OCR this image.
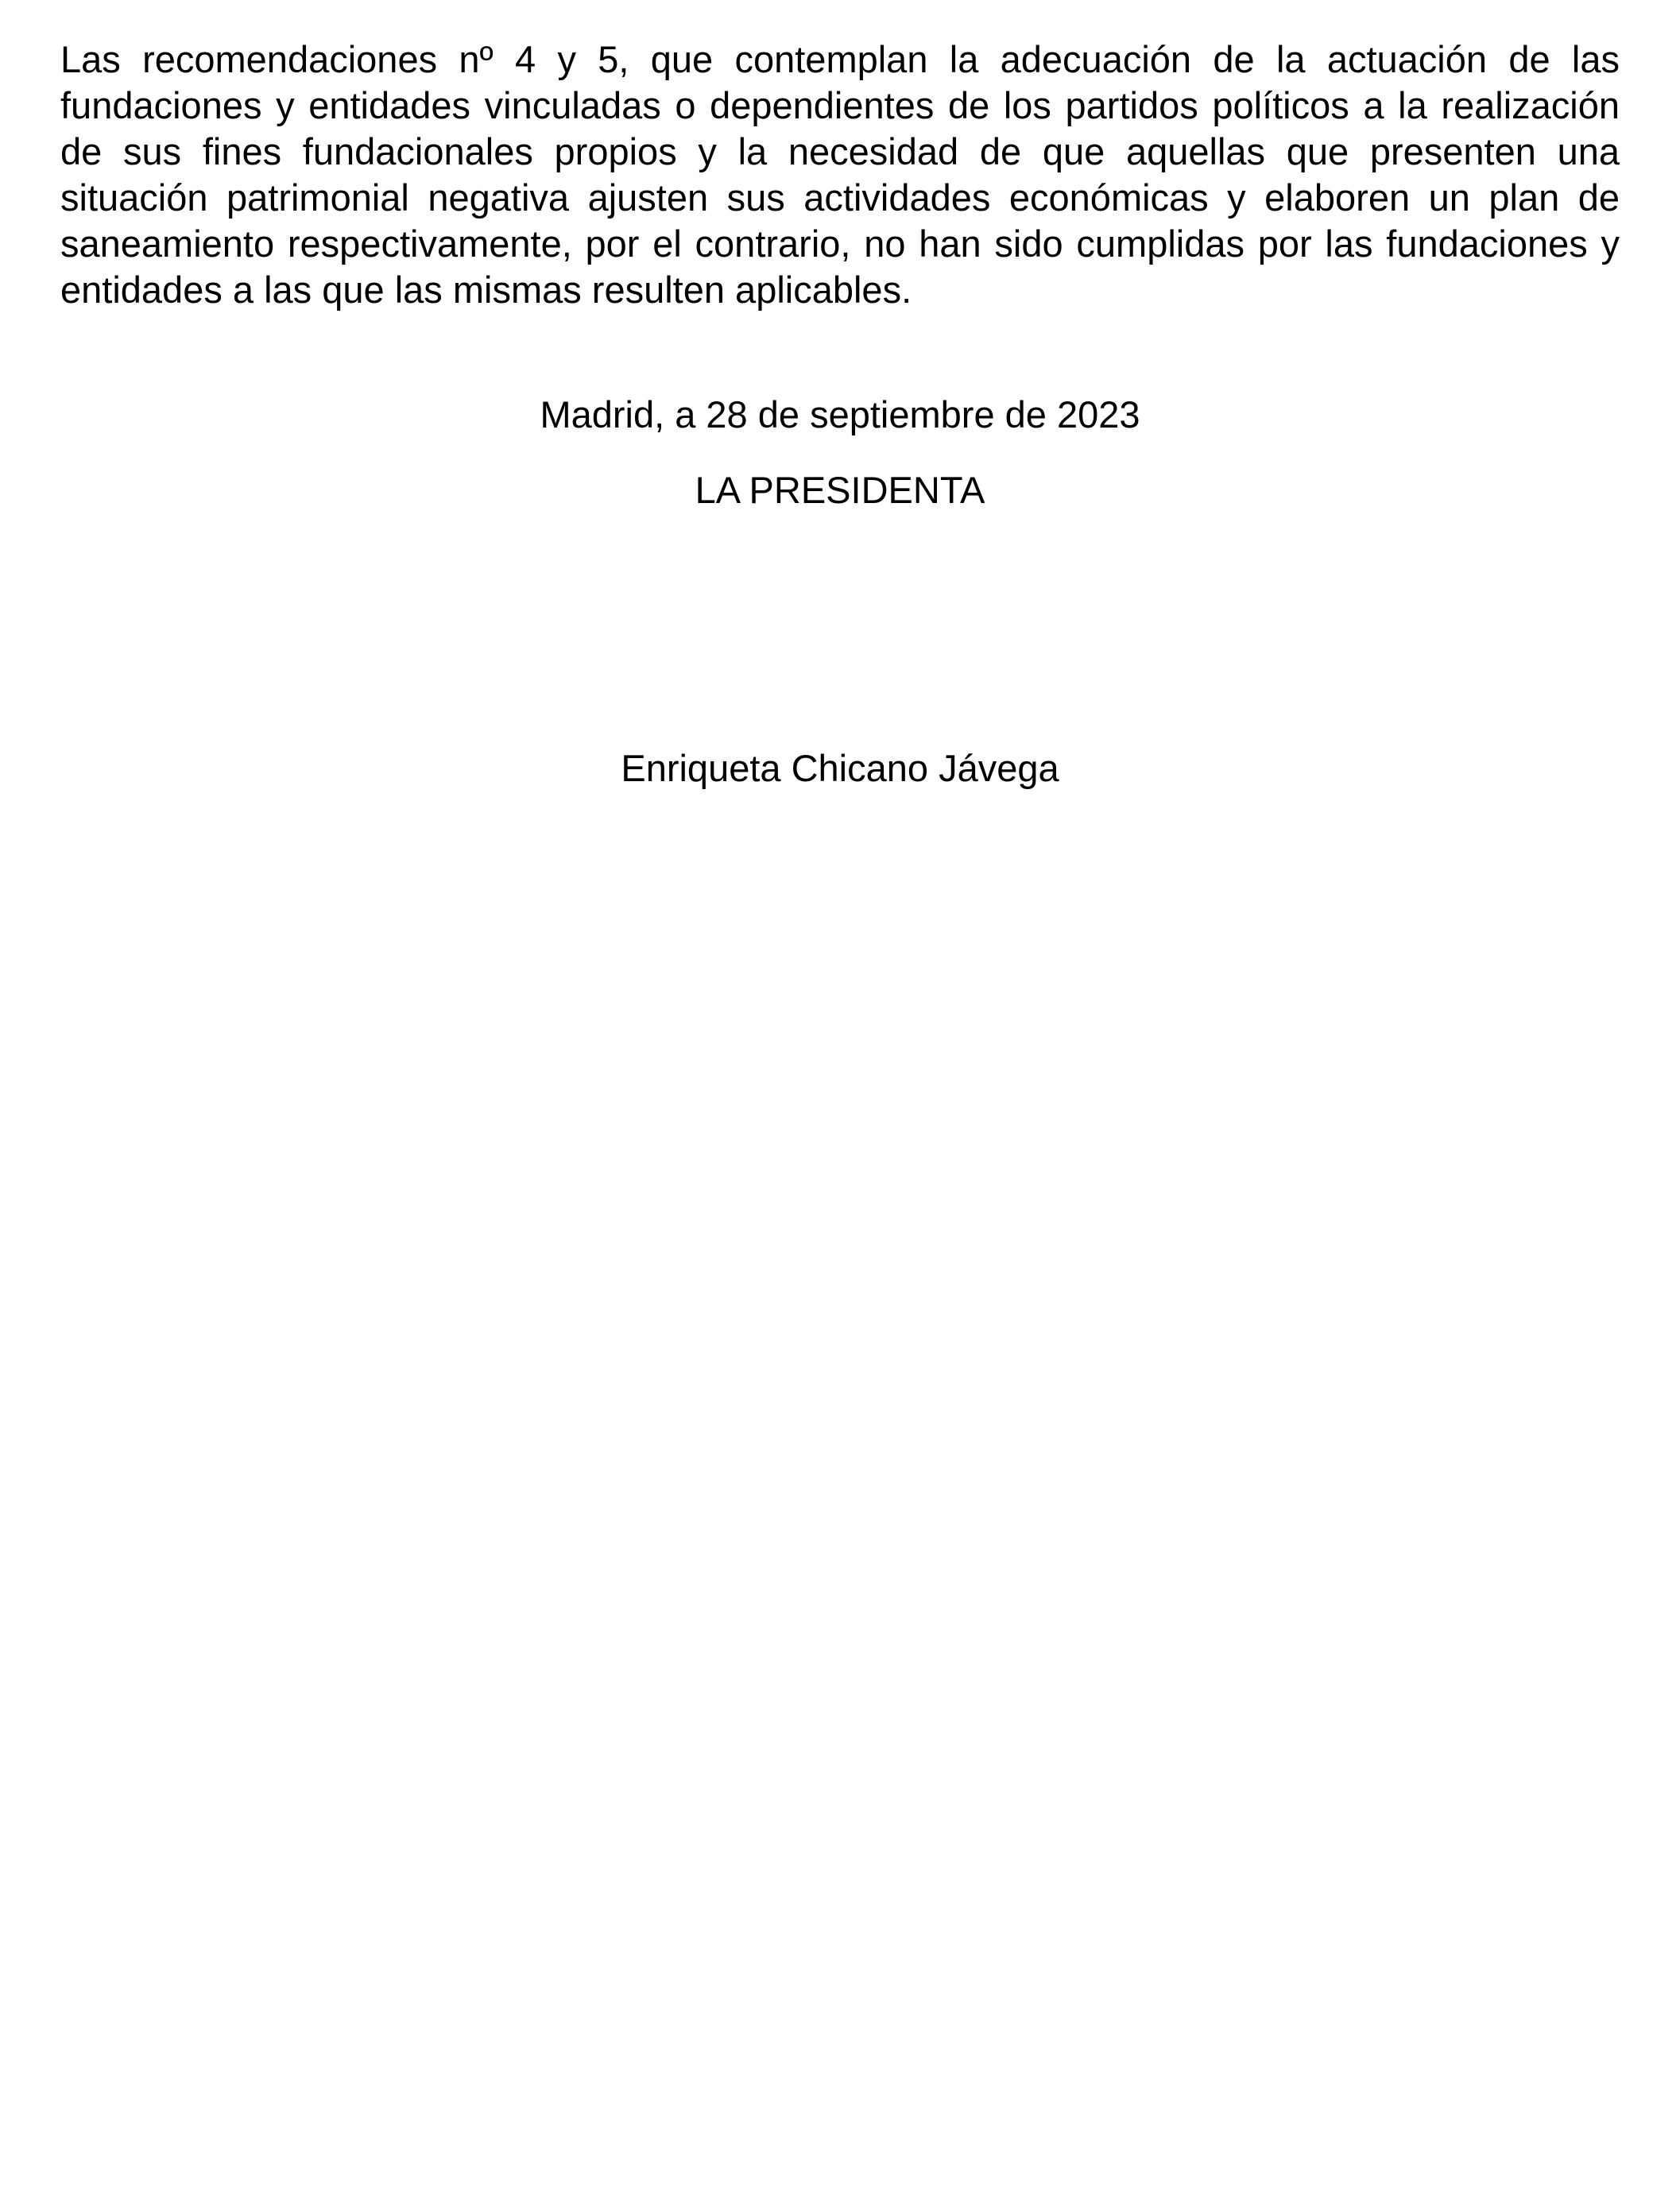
Las recomendaciones nº 4 y 5, que contemplan la adecuación de la actuación de las fundaciones y entidades vinculadas o dependientes de los partidos políticos a la realización de sus fines fundacionales propios y la necesidad de que aquellas que presenten una situación patrimonial negativa ajusten sus actividades económicas y elaboren un plan de saneamiento respectivamente, por el contrario, no han sido cumplidas por las fundaciones y entidades a las que las mismas resulten aplicables.

Madrid, a 28 de septiembre de 2023

LA PRESIDENTA

Enriqueta Chicano Jávega
